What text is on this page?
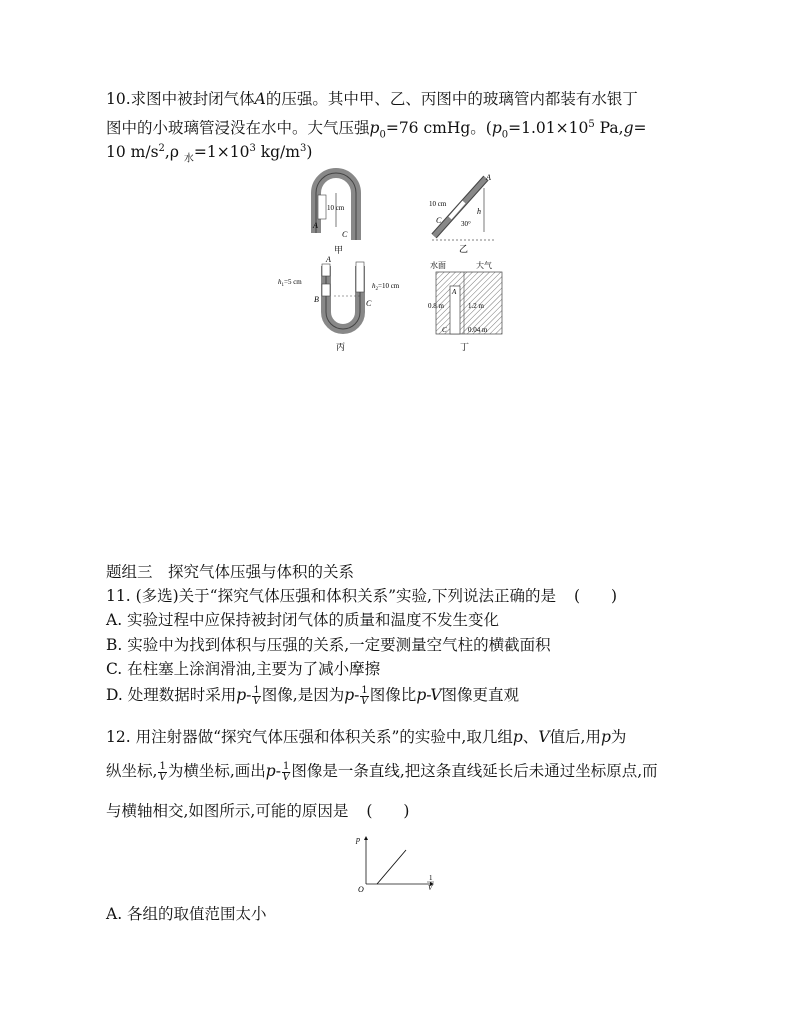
10.求图中被封闭气体A的压强。其中甲、乙、丙图中的玻璃管内都装有水银丁
图中的小玻璃管浸没在水中。大气压强$p_0=76$ cmHg。($p_0=1.01\times 10^5$ Pa,g=
10 $m/s^2,\rho$ $_水=1\times 10^3$ $kg/m^3$)
10 cm
A
C
甲
10 cm
30°
A
C
h
乙
$h_1=5$ cm	$h_2=10$ cm
A
B	C
丙
水面	大气
0.8 m	1.2 m
0.04 m
A
C
丁
题组三　探究气体压强与体积的关系
11. (多选)关于“探究气体压强和体积关系”实验,下列说法正确的是 (　　)
A. 实验过程中应保持被封闭气体的质量和温度不发生变化
B. 实验中为找到体积与压强的关系,一定要测量空气柱的横截面积
C. 在柱塞上涂润滑油,主要为了减小摩擦
D. 处理数据时采用$p- \frac{1}{V}$ 图像,是因为$p- \frac{1}{V}$ 图像比p-V图像更直观
12. 用注射器做“探究气体压强和体积关系”的实验中,取几组p、V值后,用p为
纵坐标, $\frac{1}{V}$ 为横坐标,画出$p- \frac{1}{V}$ 图像是一条直线,把这条直线延长后未通过坐标原点,而
与横轴相交,如图所示,可能的原因是 (　　)
p
O
1
V
A. 各组的取值范围太小
